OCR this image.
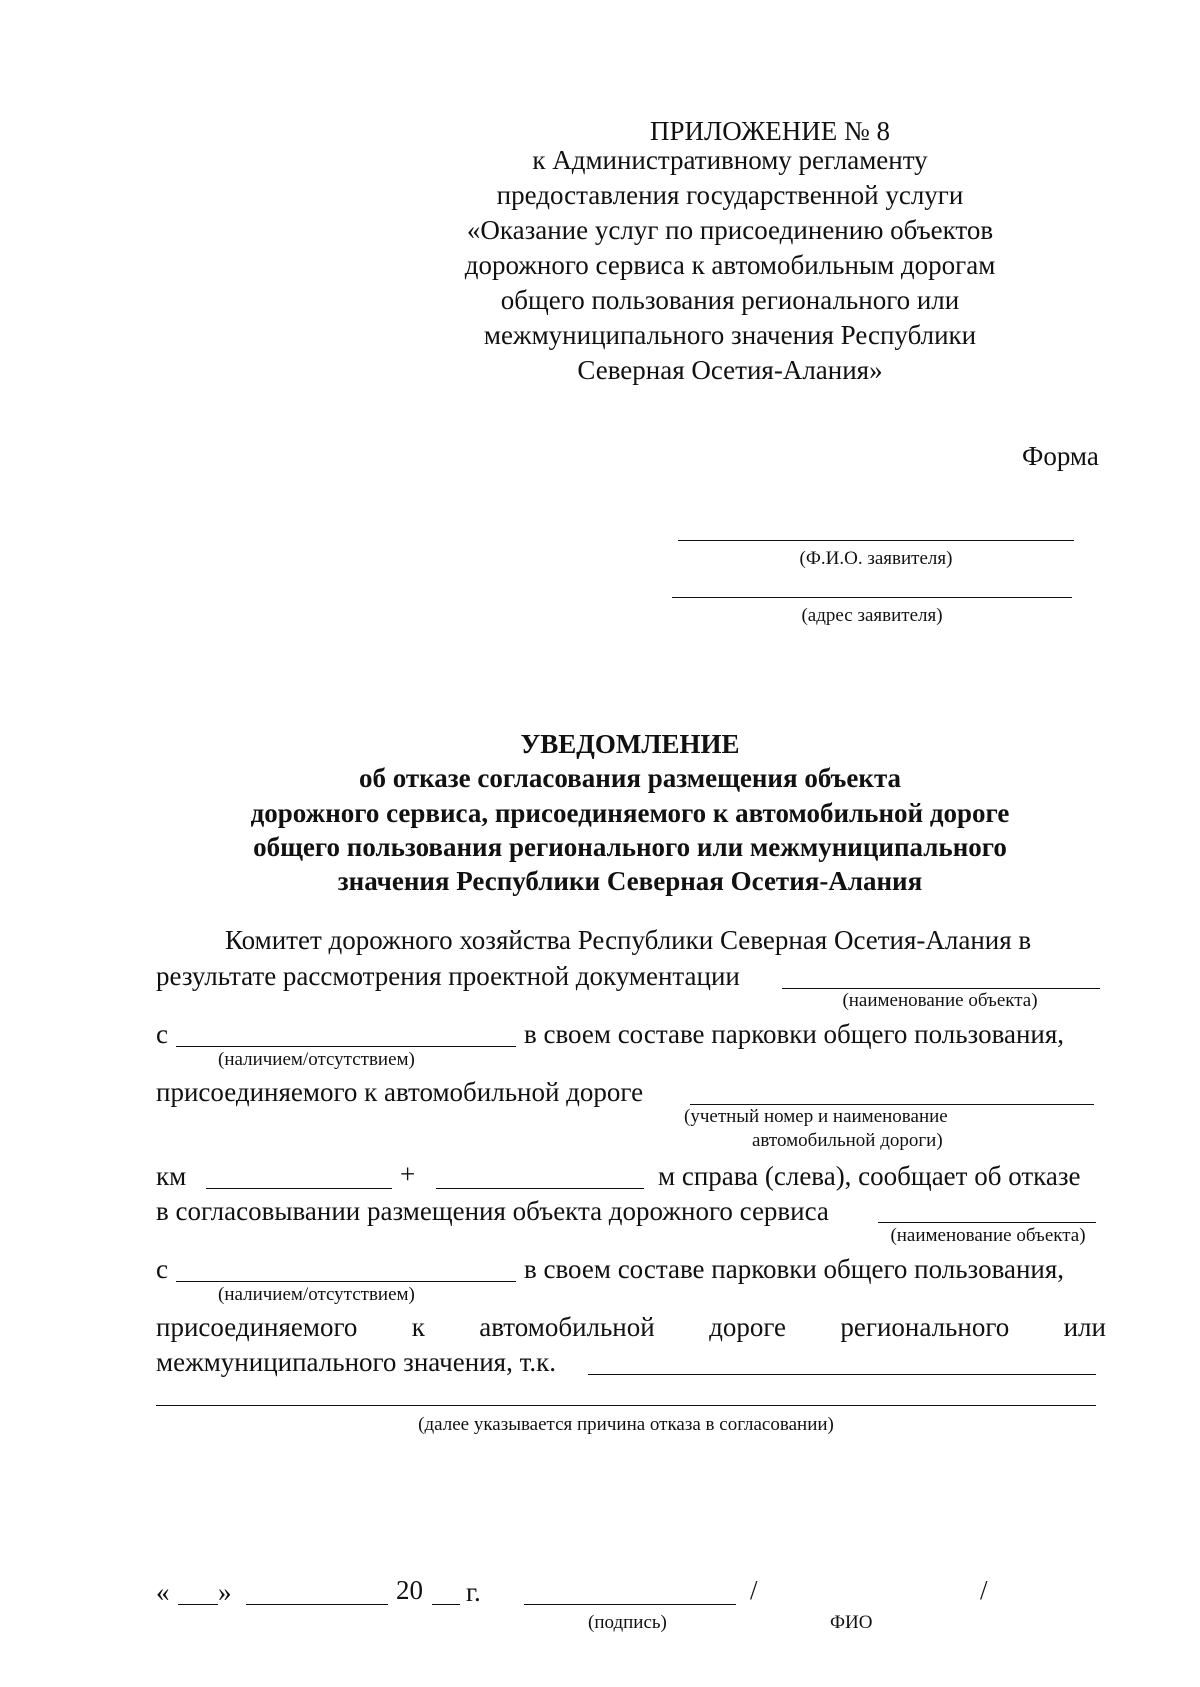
ПРИЛОЖЕНИЕ № 8
к Административному регламенту
предоставления государственной услуги
«Оказание услуг по присоединению объектов
дорожного сервиса к автомобильным дорогам
общего пользования регионального или
межмуниципального значения Республики
Северная Осетия-Алания»
Форма
(Ф.И.О. заявителя)
(адрес заявителя)
УВЕДОМЛЕНИЕ
об отказе согласования размещения объекта
дорожного сервиса, присоединяемого к автомобильной дороге
общего пользования регионального или межмуниципального
значения Республики Северная Осетия-Алания
Комитет дорожного хозяйства Республики Северная Осетия-Алания в
результате рассмотрения проектной документации
(наименование объекта)
с	в своем составе парковки общего пользования,
(наличием/отсутствием)
присоединяемого к автомобильной дороге
(учетный номер и наименование
автомобильной дороги)
км	+	м справа (слева), сообщает об отказе
в согласовывании размещения объекта дорожного сервиса
(наименование объекта)
с	в своем составе парковки общего пользования,
(наличием/отсутствием)
присоединяемого к автомобильной дороге регионального или
межмуниципального значения, т.к.
(далее указывается причина отказа в согласовании)
« »	20 г.	/	/
(подпись)	ФИО
